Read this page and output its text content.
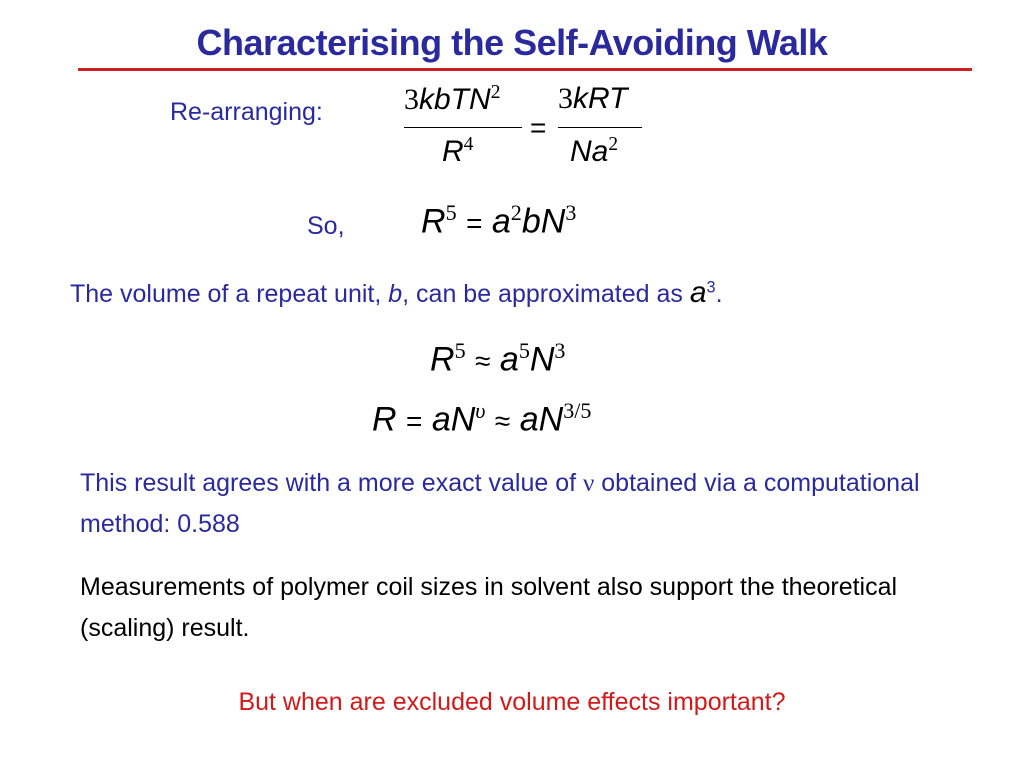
Characterising the Self-Avoiding Walk
Re-arranging:	3kbTN$^2$
$R^4$
=
3kRT
Na$^2$
So, $R^5 = a^2bN^3$
The volume of a repeat unit, b, can be approximated as $a^3$.
$R^5 \approx a^5N^3$
$R = aN^\upsilon \approx aN^{3/5}$
This result agrees with a more exact value of ν obtained via a computational method: 0.588
Measurements of polymer coil sizes in solvent also support the theoretical (scaling) result.
But when are excluded volume effects important?
